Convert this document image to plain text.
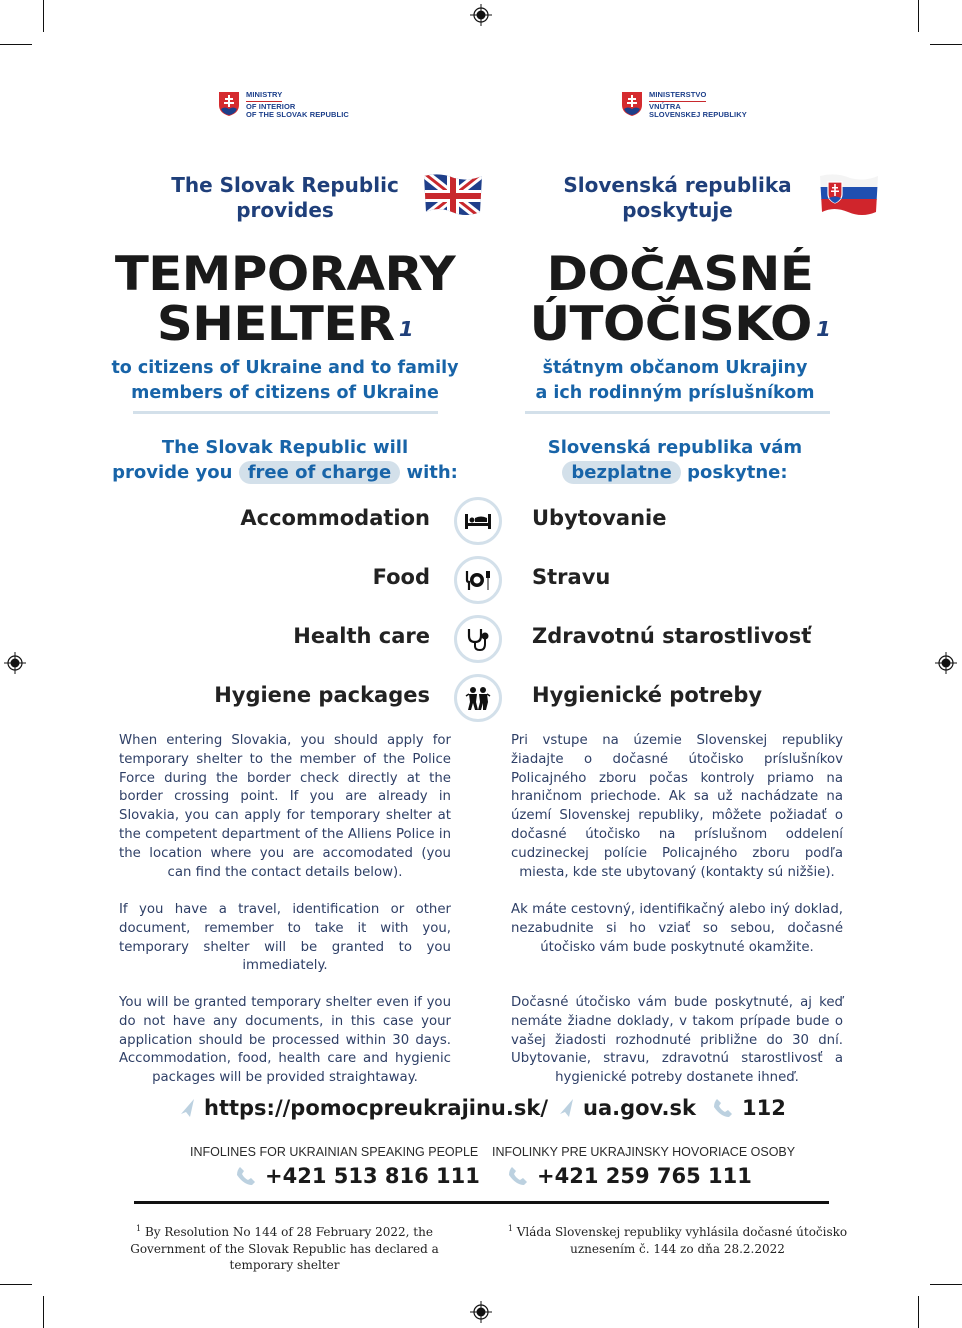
MINISTRY
OF INTERIOR
OF THE SLOVAK REPUBLIC
MINISTERSTVO
VNÚTRA
SLOVENSKEJ REPUBLIKY
The Slovak Republic
provides
TEMPORARY
SHELTER $^1$
to citizens of Ukraine and to family
members of citizens of Ukraine
Slovenská republika
poskytuje
DOČASNÉ
ÚTOČISKO $^1$
štátnym občanom Ukrajiny
a ich rodinným príslušníkom
The Slovak Republic will
provide you free of charge with:
Slovenská republika vám
bezplatne poskytne:
Accommodation	Ubytovanie
Food	Stravu
Health care	Zdravotnú starostlivosť
Hygiene packages	Hygienické potreby

When entering Slovakia, you should apply for temporary shelter to the member of the Police Force during the border check directly at the border crossing point. If you are already in Slovakia, you can apply for temporary shelter at the competent department of the Alliens Police in the location where you are accomodated (you can find the contact details below).

If you have a travel, identification or other document, remember to take it with you, temporary shelter will be granted to you immediately.

You will be granted temporary shelter even if you do not have any documents, in this case your application should be processed within 30 days. Accommodation, food, health care and hygienic packages will be provided straightaway.

Pri vstupe na územie Slovenskej republiky žiadajte o dočasné útočisko príslušníkov Policajného zboru počas kontroly priamo na hraničnom priechode. Ak sa už nachádzate na území Slovenskej republiky, môžete požiadať o dočasné útočisko na príslušnom oddelení cudzineckej polície Policajného zboru podľa miesta, kde ste ubytovaný (kontakty sú nižšie).

Ak máte cestovný, identifikačný alebo iný doklad, nezabudnite si ho vziať so sebou, dočasné útočisko vám bude poskytnuté okamžite.

Dočasné útočisko vám bude poskytnuté, aj keď nemáte žiadne doklady, v takom prípade bude o vašej žiadosti rozhodnuté približne do 30 dní. Ubytovanie, stravu, zdravotnú starostlivosť a hygienické potreby dostanete ihneď.

https://pomocpreukrajinu.sk/ ua.gov.sk 112
INFOLINES FOR UKRAINIAN SPEAKING PEOPLE INFOLINKY PRE UKRAJINSKY HOVORIACE OSOBY
+421 513 816 111	+421 259 765 111
$^1$ By Resolution No 144 of 28 February 2022, the Government of the Slovak Republic has declared a temporary shelter
$^1$ Vláda Slovenskej republiky vyhlásila dočasné útočisko uznesením č. 144 zo dňa 28.2.2022
